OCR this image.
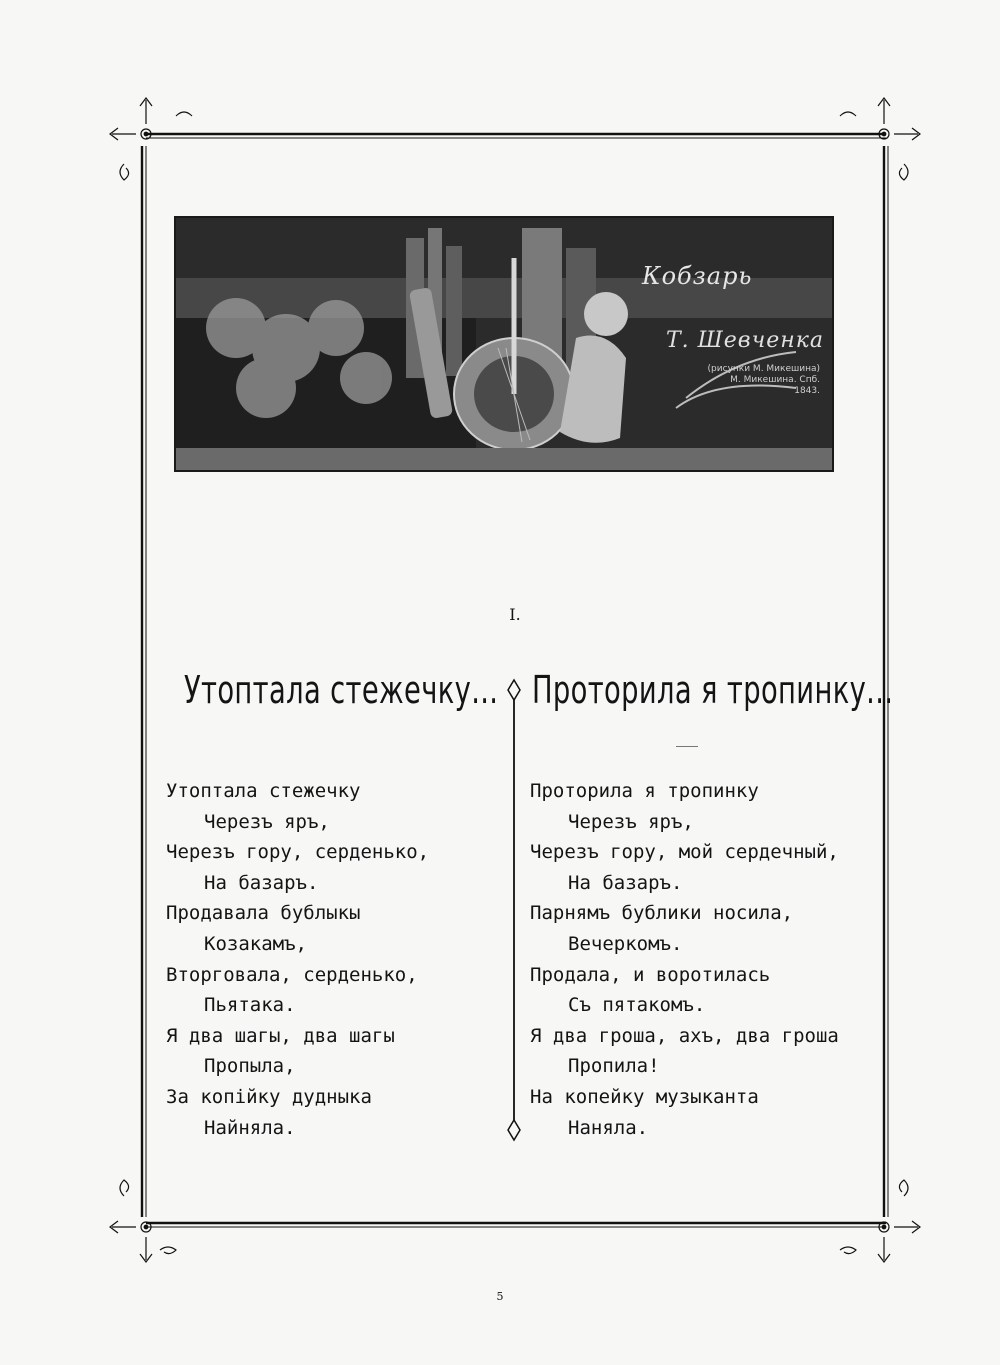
Кобзарь
Т. Шевченка
(рисунки М. Микешина)
М. Микешина. Спб.
1843.
I.
Утоптала стежечку... Проторила я тропинку...
Утоптала стежечку
Черезъ яръ,
Черезъ гору, серденько,
На базаръ.
Продавала бублыкы
Козакамъ,
Вторговала, серденько,
Пьятака.
Я два шагы, два шагы
Пропыла,
За копійку дудныка
Найняла.
Проторила я тропинку
Черезъ яръ,
Черезъ гору, мой сердечный,
На базаръ.
Парнямъ бублики носила,
Вечеркомъ.
Продала, и воротилась
Съ пятакомъ.
Я два гроша, ахъ, два гроша
Пропила!
На копейку музыканта
Наняла.
5
